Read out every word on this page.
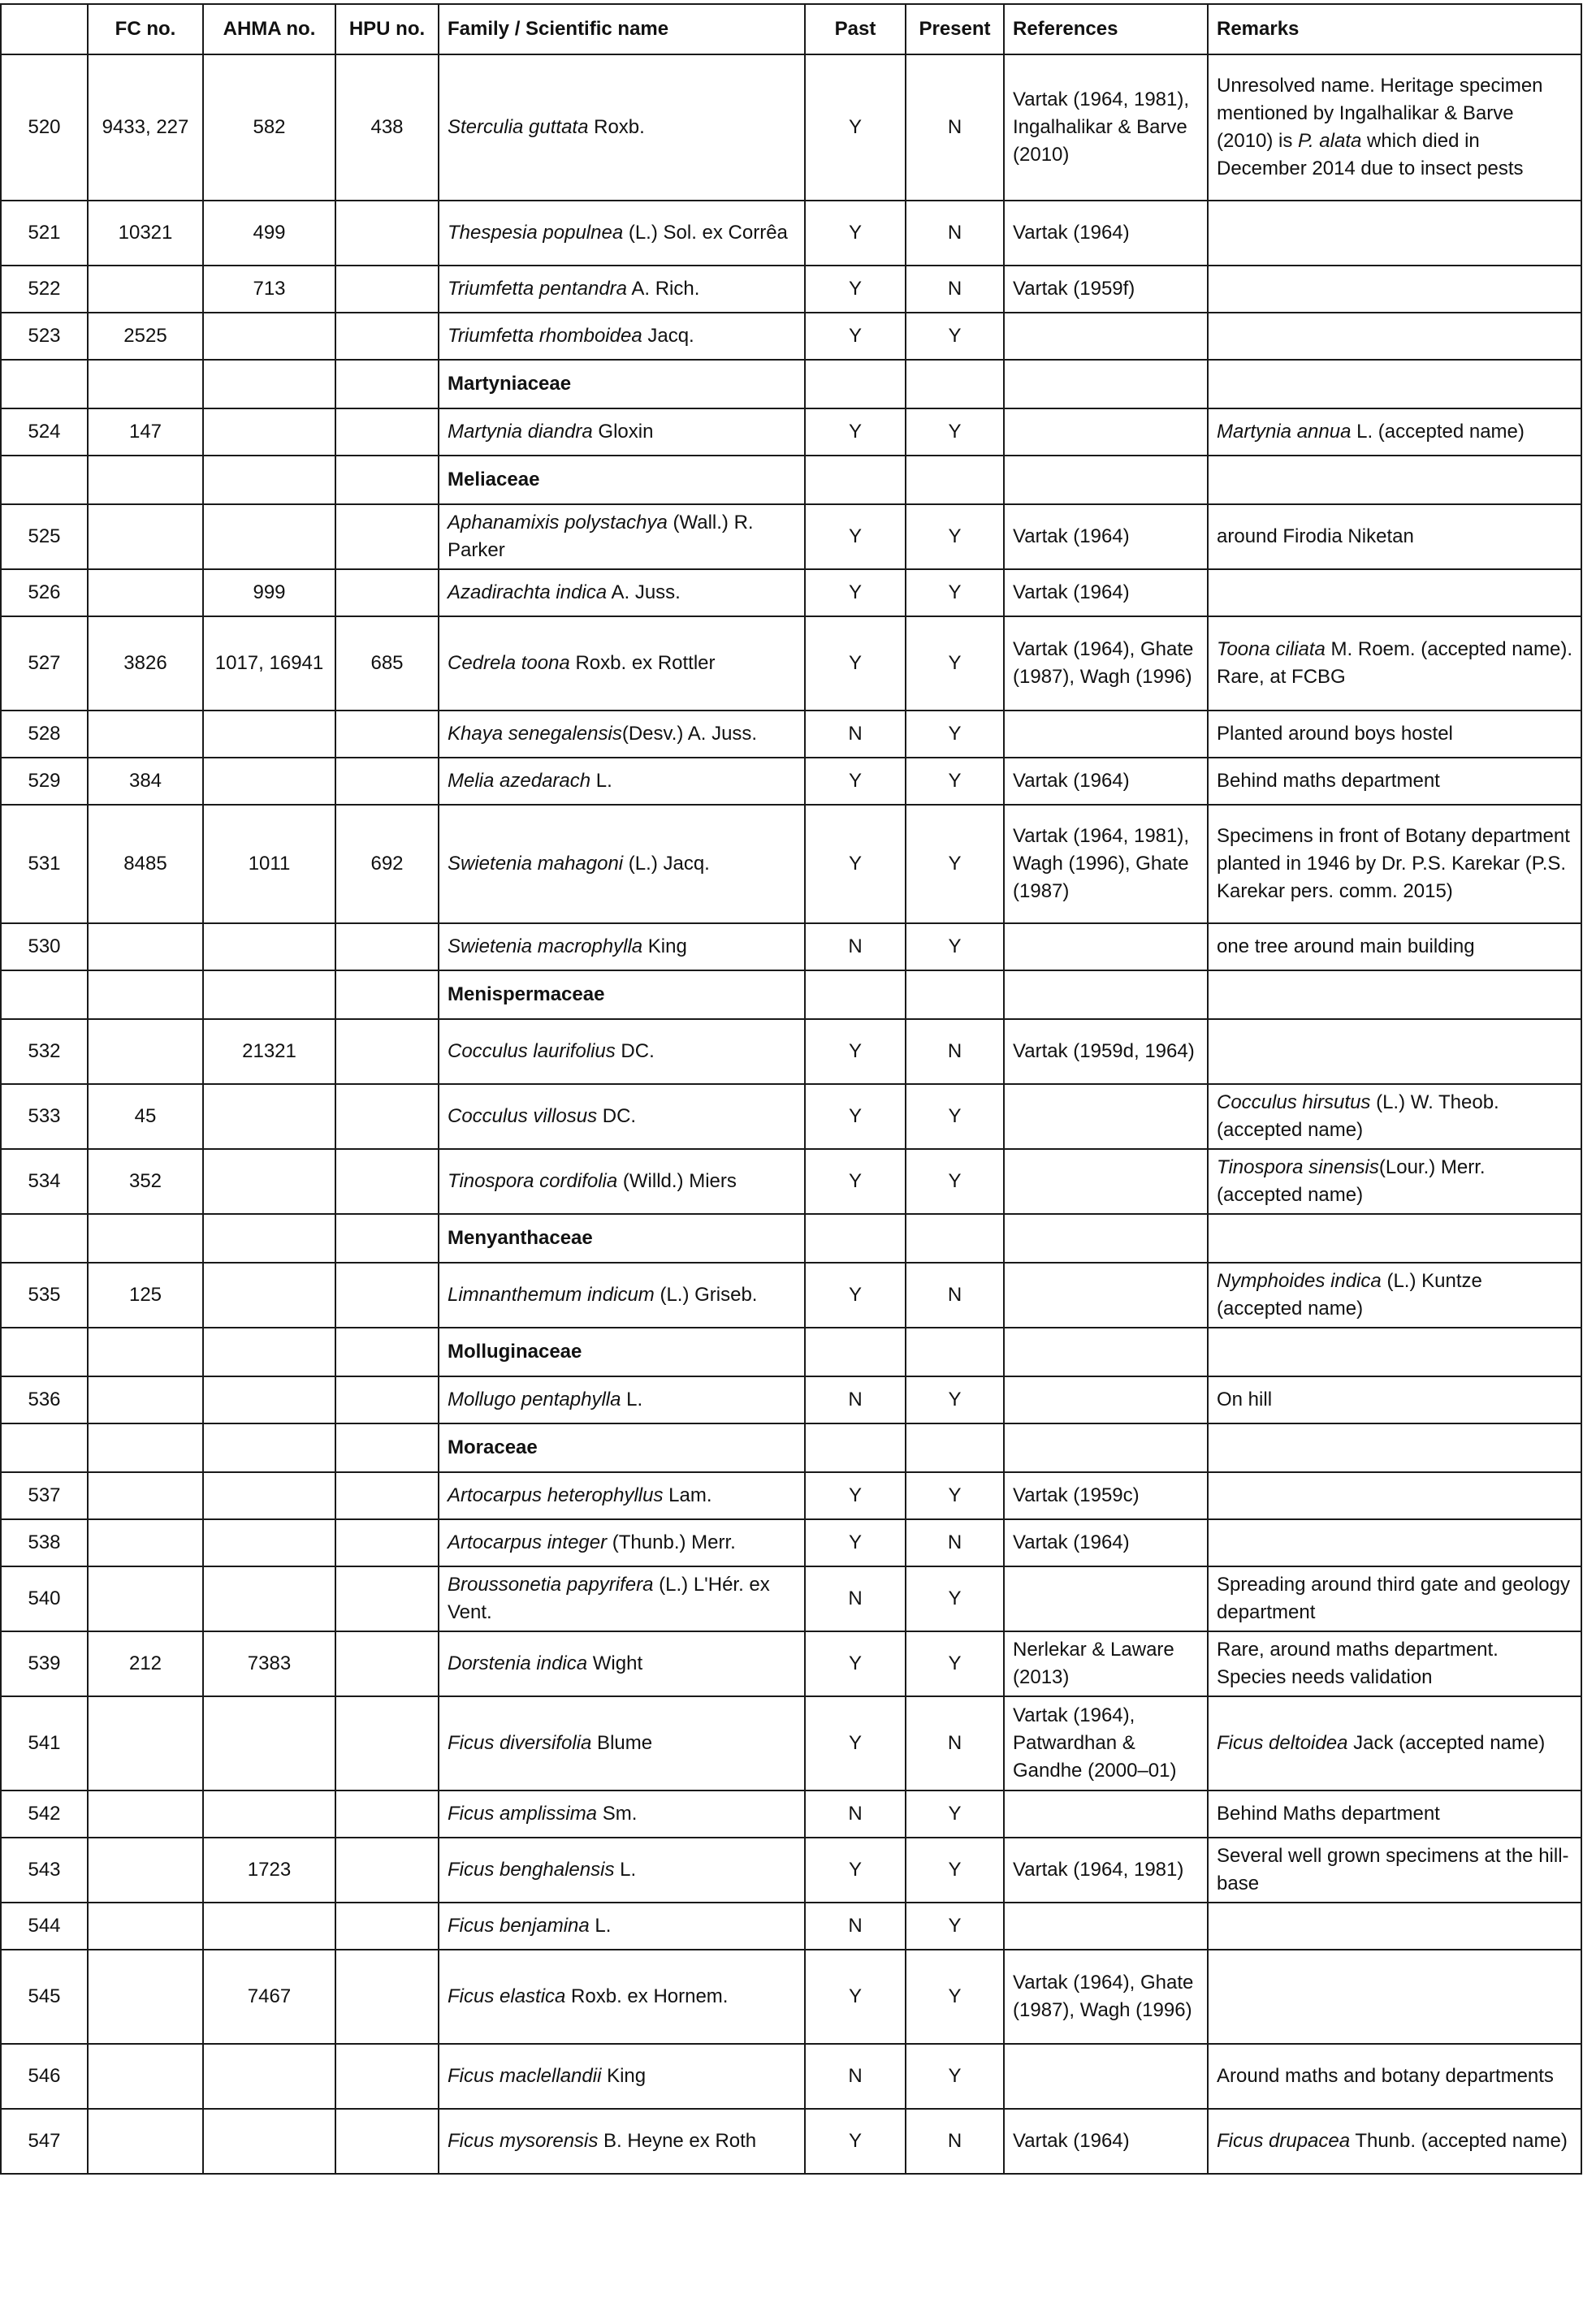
	FC no.	AHMA no.	HPU no.	Family / Scientific name	Past	Present	References	Remarks
520	9433, 227	582	438	Sterculia guttata Roxb.	Y	N	Vartak (1964, 1981), Ingalhalikar & Barve (2010)	Unresolved name. Heritage specimen mentioned by Ingalhalikar & Barve (2010) is P. alata which died in December 2014 due to insect pests
521	10321	499		Thespesia populnea (L.) Sol. ex Corrêa	Y	N	Vartak (1964)	
522		713		Triumfetta pentandra A. Rich.	Y	N	Vartak (1959f)	
523	2525			Triumfetta rhomboidea Jacq.	Y	Y		
				Martyniaceae				
524	147			Martynia diandra Gloxin	Y	Y		Martynia annua L. (accepted name)
				Meliaceae				
525				Aphanamixis polystachya (Wall.) R. Parker	Y	Y	Vartak (1964)	around Firodia Niketan
526		999		Azadirachta indica A. Juss.	Y	Y	Vartak (1964)	
527	3826	1017, 16941	685	Cedrela toona Roxb. ex Rottler	Y	Y	Vartak (1964), Ghate (1987), Wagh (1996)	Toona ciliata M. Roem. (accepted name). Rare, at FCBG
528				Khaya senegalensis(Desv.) A. Juss.	N	Y		Planted around boys hostel
529	384			Melia azedarach L.	Y	Y	Vartak (1964)	Behind maths department
531	8485	1011	692	Swietenia mahagoni (L.) Jacq.	Y	Y	Vartak (1964, 1981), Wagh (1996), Ghate (1987)	Specimens in front of Botany department planted in 1946 by Dr. P.S. Karekar (P.S. Karekar pers. comm. 2015)
530				Swietenia macrophylla King	N	Y		one tree around main building
				Menispermaceae				
532		21321		Cocculus laurifolius DC.	Y	N	Vartak (1959d, 1964)	
533	45			Cocculus villosus DC.	Y	Y		Cocculus hirsutus (L.) W. Theob. (accepted name)
534	352			Tinospora cordifolia (Willd.) Miers	Y	Y		Tinospora sinensis(Lour.) Merr. (accepted name)
				Menyanthaceae				
535	125			Limnanthemum indicum (L.) Griseb.	Y	N		Nymphoides indica (L.) Kuntze (accepted name)
				Molluginaceae				
536				Mollugo pentaphylla L.	N	Y		On hill
				Moraceae				
537				Artocarpus heterophyllus Lam.	Y	Y	Vartak (1959c)	
538				Artocarpus integer (Thunb.) Merr.	Y	N	Vartak (1964)	
540				Broussonetia papyrifera (L.) L'Hér. ex Vent.	N	Y		Spreading around third gate and geology department
539	212	7383		Dorstenia indica Wight	Y	Y	Nerlekar & Laware (2013)	Rare, around maths department. Species needs validation
541				Ficus diversifolia Blume	Y	N	Vartak (1964), Patwardhan & Gandhe (2000–01)	Ficus deltoidea Jack (accepted name)
542				Ficus amplissima Sm.	N	Y		Behind Maths department
543		1723		Ficus benghalensis L.	Y	Y	Vartak (1964, 1981)	Several well grown specimens at the hill-base
544				Ficus benjamina L.	N	Y		
545		7467		Ficus elastica Roxb. ex Hornem.	Y	Y	Vartak (1964), Ghate (1987), Wagh (1996)	
546				Ficus maclellandii King	N	Y		Around maths and botany departments
547				Ficus mysorensis B. Heyne ex Roth	Y	N	Vartak (1964)	Ficus drupacea Thunb. (accepted name)
